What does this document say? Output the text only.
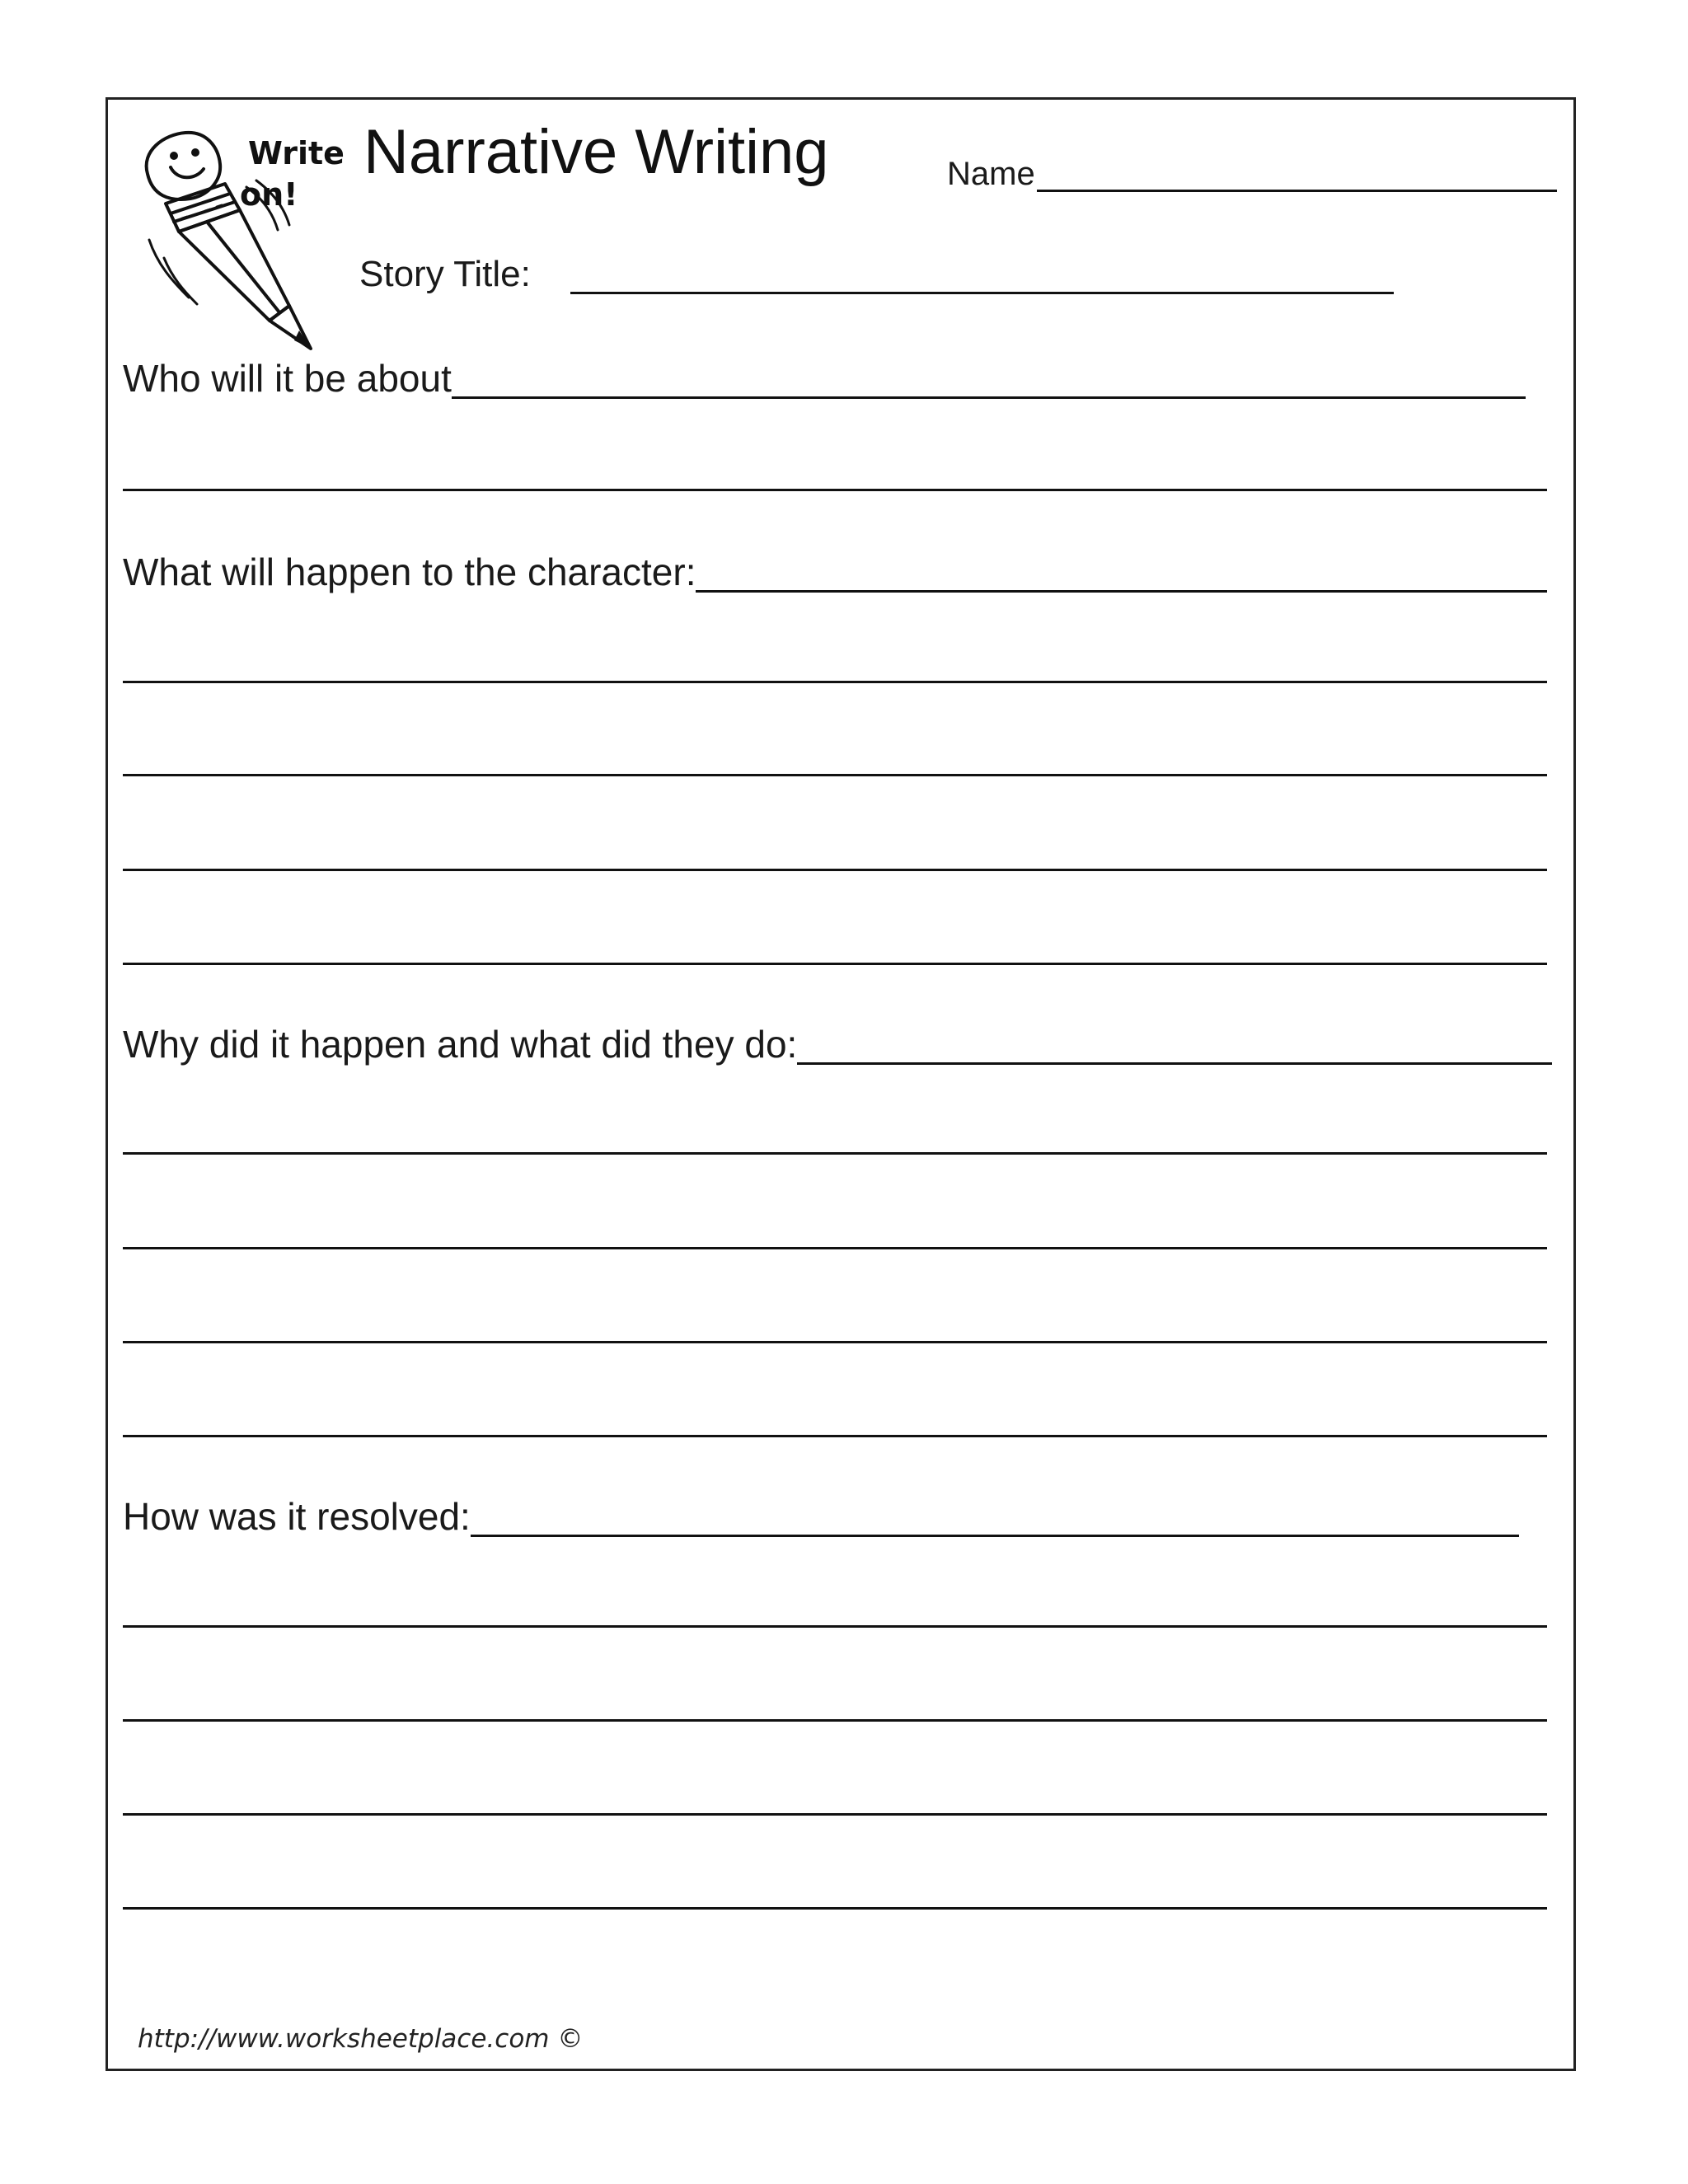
Write
on!
Narrative Writing	Name
Story Title:
Who will it be about
What will happen to the character:
Why did it happen and what did they do:
How was it resolved:
http://www.worksheetplace.com ©
